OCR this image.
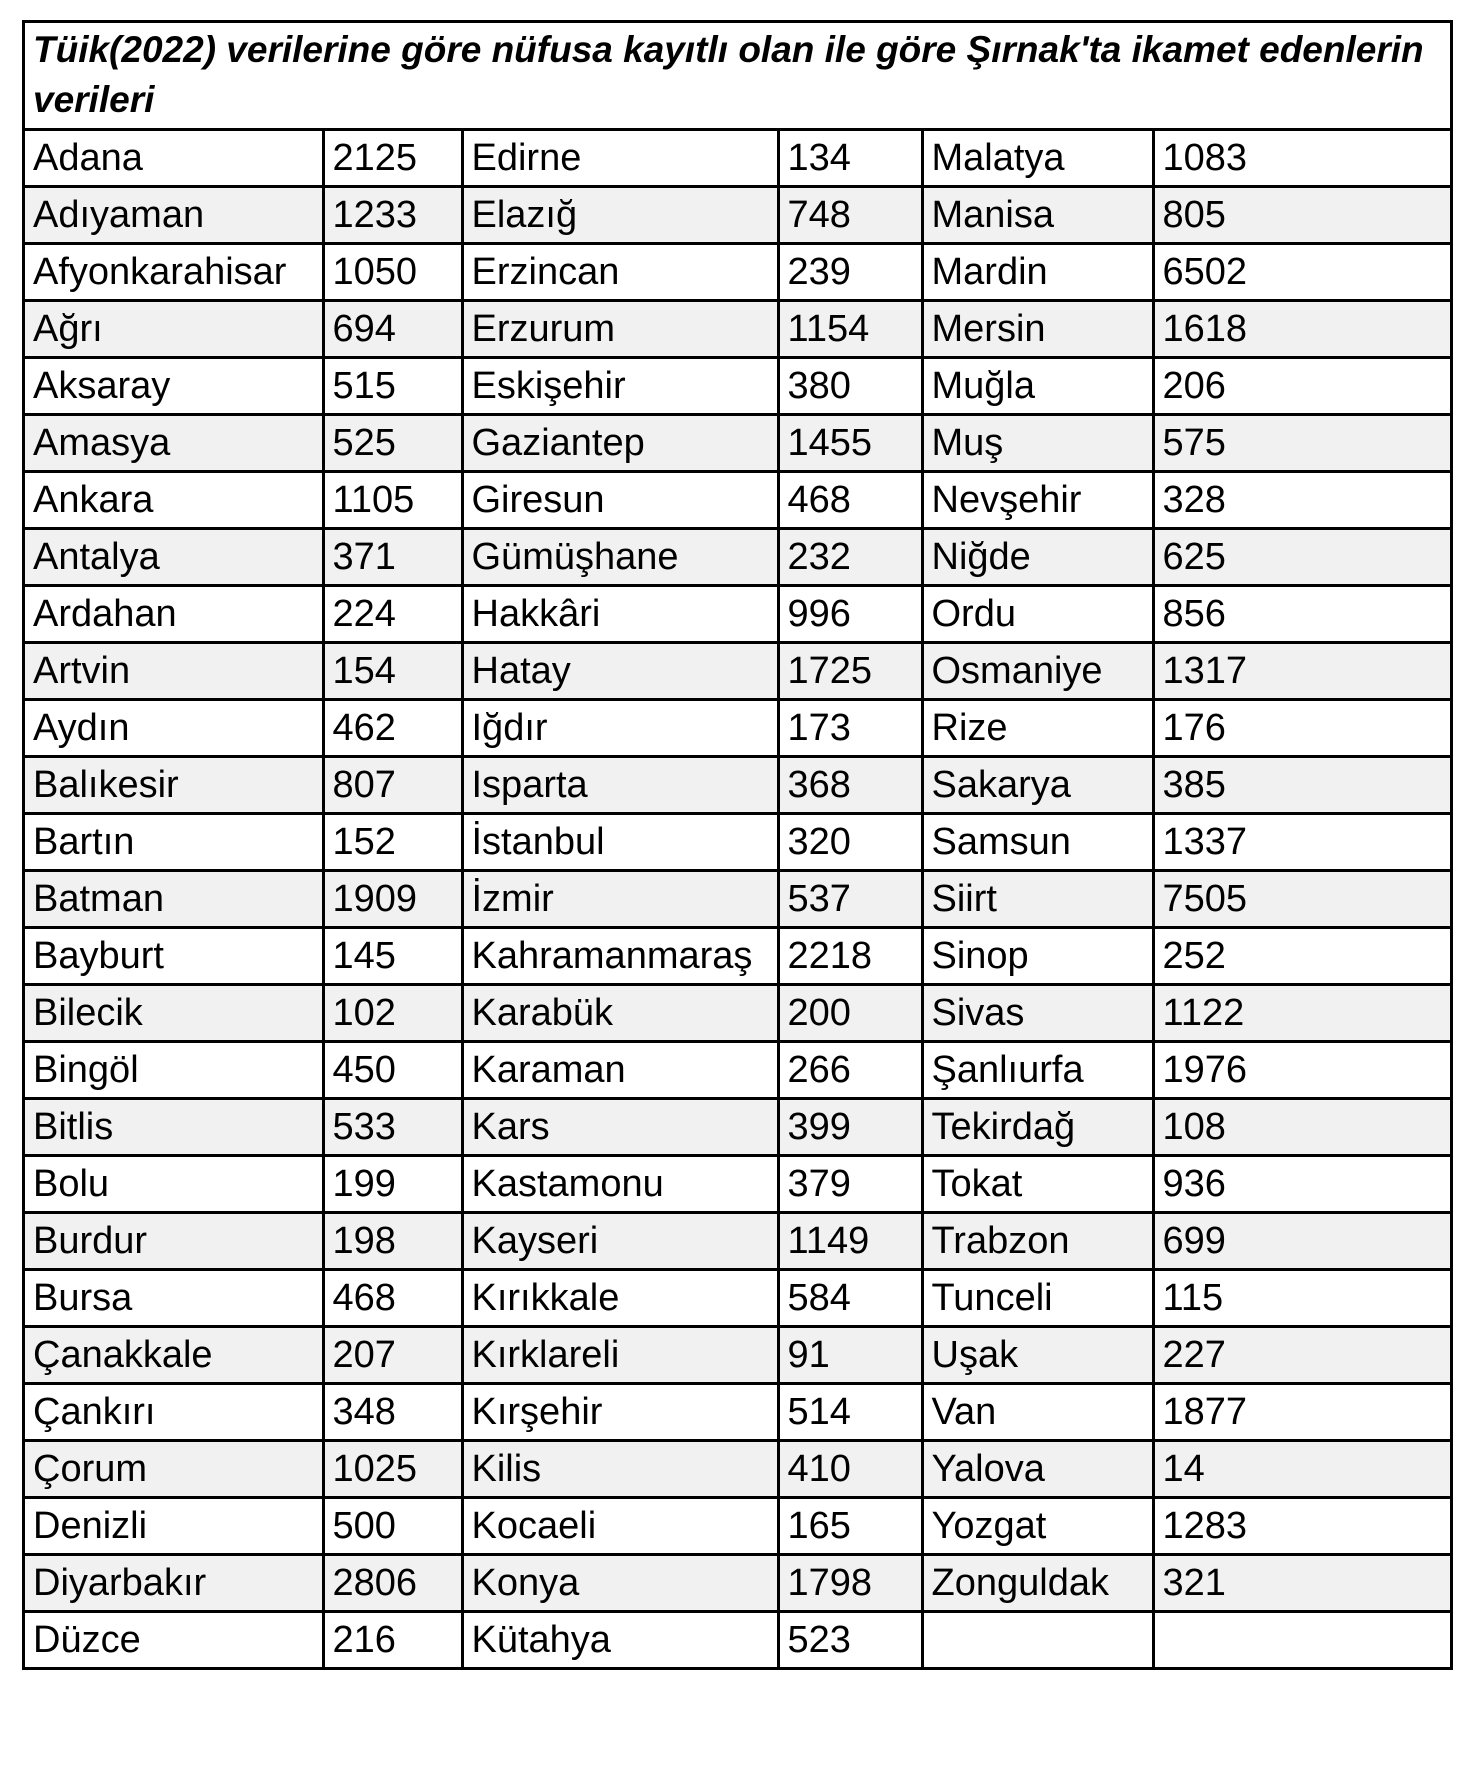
Tüik(2022) verilerine göre nüfusa kayıtlı olan ile göre Şırnak'ta ikamet edenlerin verileri
Adana	2125	Edirne	134	Malatya	1083
Adıyaman	1233	Elazığ	748	Manisa	805
Afyonkarahisar	1050	Erzincan	239	Mardin	6502
Ağrı	694	Erzurum	1154	Mersin	1618
Aksaray	515	Eskişehir	380	Muğla	206
Amasya	525	Gaziantep	1455	Muş	575
Ankara	1105	Giresun	468	Nevşehir	328
Antalya	371	Gümüşhane	232	Niğde	625
Ardahan	224	Hakkâri	996	Ordu	856
Artvin	154	Hatay	1725	Osmaniye	1317
Aydın	462	Iğdır	173	Rize	176
Balıkesir	807	Isparta	368	Sakarya	385
Bartın	152	İstanbul	320	Samsun	1337
Batman	1909	İzmir	537	Siirt	7505
Bayburt	145	Kahramanmaraş	2218	Sinop	252
Bilecik	102	Karabük	200	Sivas	1122
Bingöl	450	Karaman	266	Şanlıurfa	1976
Bitlis	533	Kars	399	Tekirdağ	108
Bolu	199	Kastamonu	379	Tokat	936
Burdur	198	Kayseri	1149	Trabzon	699
Bursa	468	Kırıkkale	584	Tunceli	115
Çanakkale	207	Kırklareli	91	Uşak	227
Çankırı	348	Kırşehir	514	Van	1877
Çorum	1025	Kilis	410	Yalova	14
Denizli	500	Kocaeli	165	Yozgat	1283
Diyarbakır	2806	Konya	1798	Zonguldak	321
Düzce	216	Kütahya	523		
